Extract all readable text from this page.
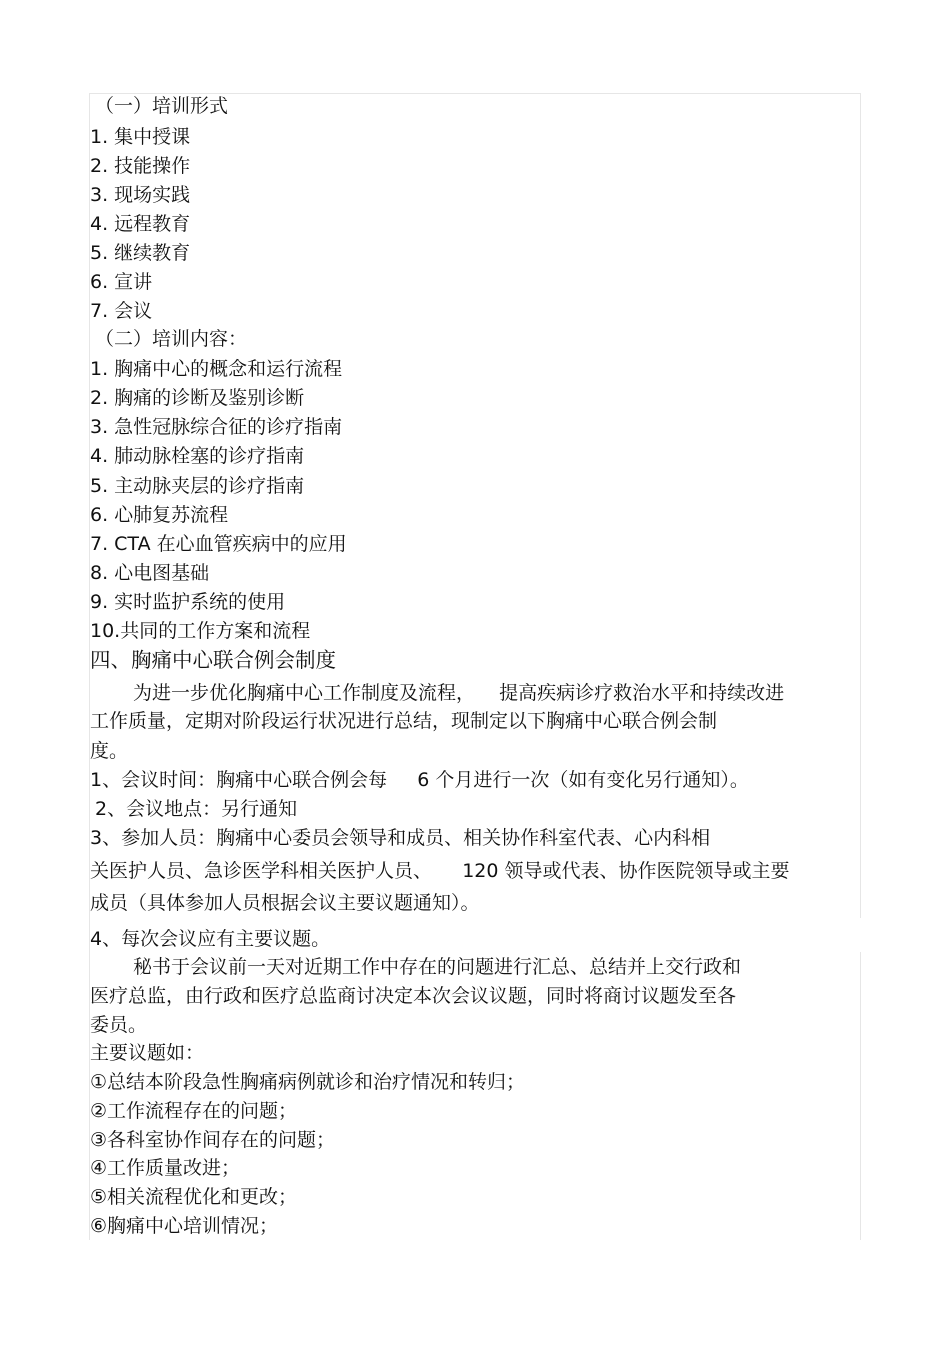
（一）培训形式
1. 集中授课
2. 技能操作
3. 现场实践
4. 远程教育
5. 继续教育
6. 宣讲
7. 会议
（二）培训内容：
1. 胸痛中心的概念和运行流程
2. 胸痛的诊断及鉴别诊断
3. 急性冠脉综合征的诊疗指南
4. 肺动脉栓塞的诊疗指南
5. 主动脉夹层的诊疗指南
6. 心肺复苏流程
7. CTA 在心血管疾病中的应用
8. 心电图基础
9. 实时监护系统的使用
10.共同的工作方案和流程
四、胸痛中心联合例会制度
为进一步优化胸痛中心工作制度及流程，    提高疾病诊疗救治水平和持续改进
工作质量，定期对阶段运行状况进行总结，现制定以下胸痛中心联合例会制
度。
1、会议时间：胸痛中心联合例会每     6 个月进行一次（如有变化另行通知）。
2、会议地点：另行通知
3、参加人员：胸痛中心委员会领导和成员、相关协作科室代表、心内科相
关医护人员、急诊医学科相关医护人员、     120 领导或代表、协作医院领导或主要
成员（具体参加人员根据会议主要议题通知）。
4、每次会议应有主要议题。
秘书于会议前一天对近期工作中存在的问题进行汇总、总结并上交行政和
医疗总监，由行政和医疗总监商讨决定本次会议议题，同时将商讨议题发至各
委员。
主要议题如：
①总结本阶段急性胸痛病例就诊和治疗情况和转归；
②工作流程存在的问题；
③各科室协作间存在的问题；
④工作质量改进；
⑤相关流程优化和更改；
⑥胸痛中心培训情况；
